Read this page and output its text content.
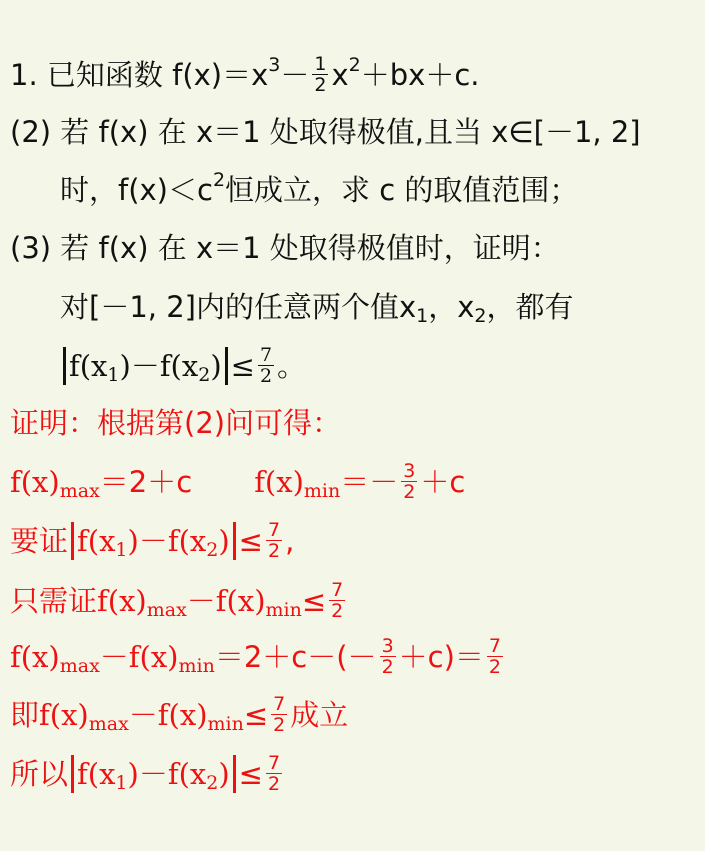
1. 已知函数 f(x)＝x $3 - \frac{1}{2}$ x 2 ＋bx＋c.
(2) 若 f(x) 在 x＝1 处取得极值,且当 x∈[－1, 2]
时，f(x)＜c 2 恒成立，求 c 的取值范围；
(3) 若 f(x) 在 x＝1 处取得极值时，证明：
对[－1, 2]内的任意两个值x 1 ，x 2 ，都有
f(x 1 )－f(x 2 ) ≤ $\frac{7}{2}$ 。
证明：根据第(2)问可得：
f(x) max ＝2＋c f(x) $\min =- \frac{3}{2} +c$
要证 f(x 1 )－f(x 2 ) ≤ $\frac{7}{2}$ ,
只需证 f(x) max －f(x) $\min \le \frac{7}{2}$
f(x) max －f(x) $\min =2+c-(- \frac{3}{2} +c)= \frac{7}{2}$
即 f(x) max －f(x) $\min \le \frac{7}{2}$ 成立
所以 f(x 1 )－f(x 2 ) ≤ $\frac{7}{2}$
